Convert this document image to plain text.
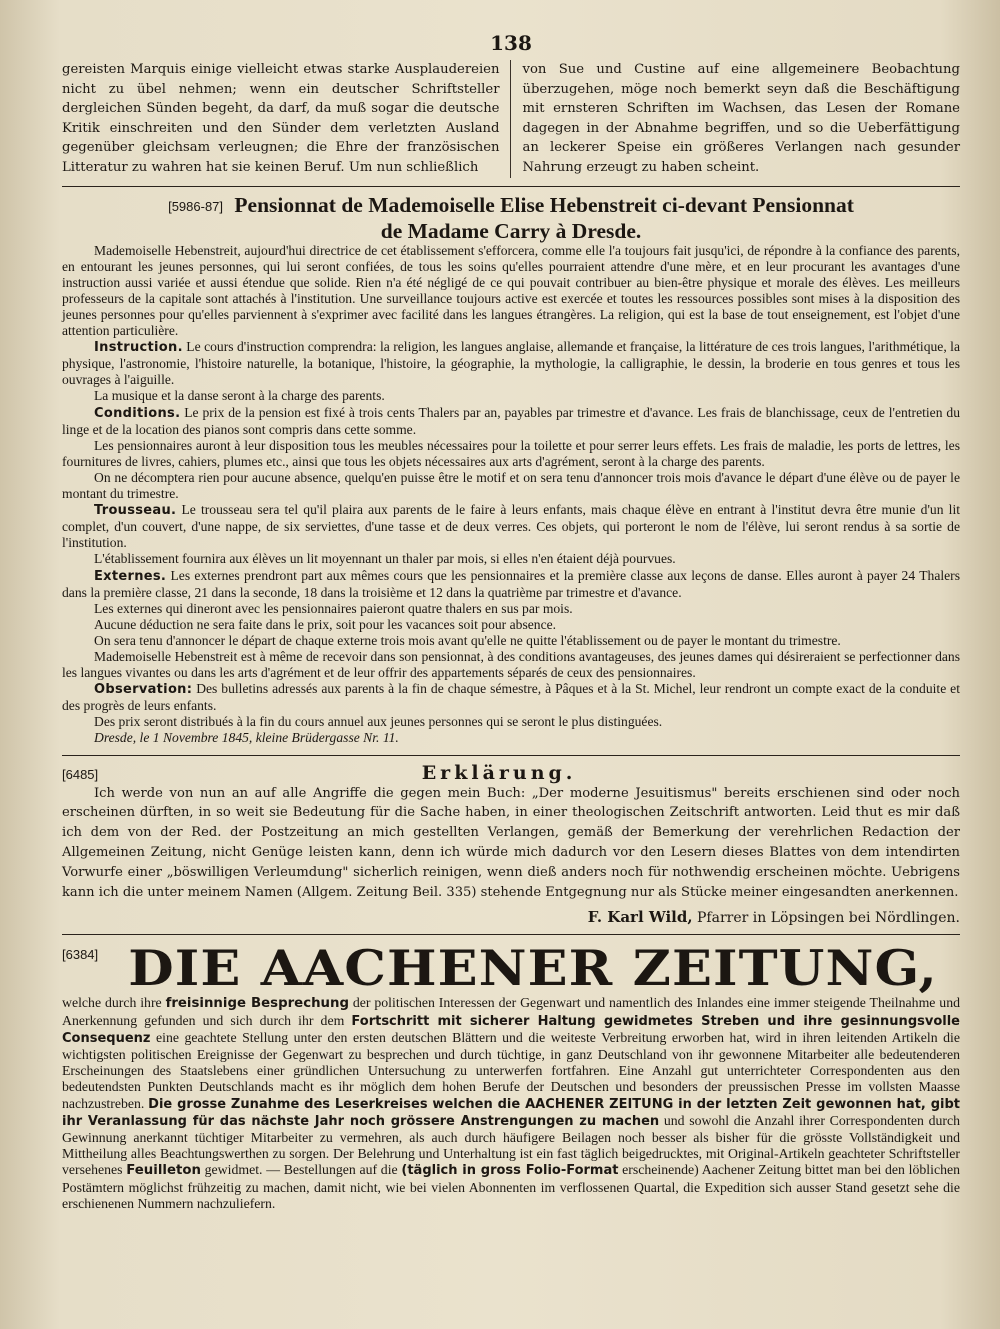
138
gereisten Marquis einige vielleicht etwas starke Ausplaudereien nicht zu übel nehmen; wenn ein deutscher Schriftsteller dergleichen Sünden begeht, da darf, da muß sogar die deutsche Kritik einschreiten und den Sünder dem verletzten Ausland gegenüber gleichsam verleugnen; die Ehre der französischen Litteratur zu wahren hat sie keinen Beruf. Um nun schließlich
von Sue und Custine auf eine allgemeinere Beobachtung überzugehen, möge noch bemerkt seyn daß die Beschäftigung mit ernsteren Schriften im Wachsen, das Lesen der Romane dagegen in der Abnahme begriffen, und so die Ueberfättigung an leckerer Speise ein größeres Verlangen nach gesunder Nahrung erzeugt zu haben scheint.
[5986-87] Pensionnat de Mademoiselle Elise Hebenstreit ci-devant Pensionnat
de Madame Carry à Dresde.

Mademoiselle Hebenstreit, aujourd'hui directrice de cet établissement s'efforcera, comme elle l'a toujours fait jusqu'ici, de répondre à la confiance des parents, en entourant les jeunes personnes, qui lui seront confiées, de tous les soins qu'elles pourraient attendre d'une mère, et en leur procurant les avantages d'une instruction aussi variée et aussi étendue que solide. Rien n'a été négligé de ce qui pouvait contribuer au bien-être physique et morale des élèves. Les meilleurs professeurs de la capitale sont attachés à l'institution. Une surveillance toujours active est exercée et toutes les ressources possibles sont mises à la disposition des jeunes personnes pour qu'elles parviennent à s'exprimer avec facilité dans les langues étrangères. La religion, qui est la base de tout enseignement, est l'objet d'une attention particulière.

Instruction. Le cours d'instruction comprendra: la religion, les langues anglaise, allemande et française, la littérature de ces trois langues, l'arithmétique, la physique, l'astronomie, l'histoire naturelle, la botanique, l'histoire, la géographie, la mythologie, la calligraphie, le dessin, la broderie en tous genres et tous les ouvrages à l'aiguille.

La musique et la danse seront à la charge des parents.

Conditions. Le prix de la pension est fixé à trois cents Thalers par an, payables par trimestre et d'avance. Les frais de blanchissage, ceux de l'entretien du linge et de la location des pianos sont compris dans cette somme.

Les pensionnaires auront à leur disposition tous les meubles nécessaires pour la toilette et pour serrer leurs effets. Les frais de maladie, les ports de lettres, les fournitures de livres, cahiers, plumes etc., ainsi que tous les objets nécessaires aux arts d'agrément, seront à la charge des parents.

On ne décomptera rien pour aucune absence, quelqu'en puisse être le motif et on sera tenu d'annoncer trois mois d'avance le départ d'une élève ou de payer le montant du trimestre.

Trousseau. Le trousseau sera tel qu'il plaira aux parents de le faire à leurs enfants, mais chaque élève en entrant à l'institut devra être munie d'un lit complet, d'un couvert, d'une nappe, de six serviettes, d'une tasse et de deux verres. Ces objets, qui porteront le nom de l'élève, lui seront rendus à sa sortie de l'institution.

L'établissement fournira aux élèves un lit moyennant un thaler par mois, si elles n'en étaient déjà pourvues.

Externes. Les externes prendront part aux mêmes cours que les pensionnaires et la première classe aux leçons de danse. Elles auront à payer 24 Thalers dans la première classe, 21 dans la seconde, 18 dans la troisième et 12 dans la quatrième par trimestre et d'avance.

Les externes qui dineront avec les pensionnaires paieront quatre thalers en sus par mois.

Aucune déduction ne sera faite dans le prix, soit pour les vacances soit pour absence.

On sera tenu d'annoncer le départ de chaque externe trois mois avant qu'elle ne quitte l'établissement ou de payer le montant du trimestre.

Mademoiselle Hebenstreit est à même de recevoir dans son pensionnat, à des conditions avantageuses, des jeunes dames qui désireraient se perfectionner dans les langues vivantes ou dans les arts d'agrément et de leur offrir des appartements séparés de ceux des pensionnaires.

Observation: Des bulletins adressés aux parents à la fin de chaque sémestre, à Pâques et à la St. Michel, leur rendront un compte exact de la conduite et des progrès de leurs enfants.

Des prix seront distribués à la fin du cours annuel aux jeunes personnes qui se seront le plus distinguées.

Dresde, le 1 Novembre 1845, kleine Brüdergasse Nr. 11.

[6485]	Erklärung.

Ich werde von nun an auf alle Angriffe die gegen mein Buch: „Der moderne Jesuitismus" bereits erschienen sind oder noch erscheinen dürften, in so weit sie Bedeutung für die Sache haben, in einer theologischen Zeitschrift antworten. Leid thut es mir daß ich dem von der Red. der Postzeitung an mich gestellten Verlangen, gemäß der Bemerkung der verehrlichen Redaction der Allgemeinen Zeitung, nicht Genüge leisten kann, denn ich würde mich dadurch vor den Lesern dieses Blattes von dem intendirten Vorwurfe einer „böswilligen Verleumdung" sicherlich reinigen, wenn dieß anders noch für nothwendig erscheinen möchte. Uebrigens kann ich die unter meinem Namen (Allgem. Zeitung Beil. 335) stehende Entgegnung nur als Stücke meiner eingesandten anerkennen.

F. Karl Wild, Pfarrer in Löpsingen bei Nördlingen.
[6384] DIE AACHENER ZEITUNG,

welche durch ihre freisinnige Besprechung der politischen Interessen der Gegenwart und namentlich des Inlandes eine immer steigende Theilnahme und Anerkennung gefunden und sich durch ihr dem Fortschritt mit sicherer Haltung gewidmetes Streben und ihre gesinnungsvolle Consequenz eine geachtete Stellung unter den ersten deutschen Blättern und die weiteste Verbreitung erworben hat, wird in ihren leitenden Artikeln die wichtigsten politischen Ereignisse der Gegenwart zu besprechen und durch tüchtige, in ganz Deutschland von ihr gewonnene Mitarbeiter alle bedeutenderen Erscheinungen des Staatslebens einer gründlichen Untersuchung zu unterwerfen fortfahren. Eine Anzahl gut unterrichteter Correspondenten aus den bedeutendsten Punkten Deutschlands macht es ihr möglich dem hohen Berufe der Deutschen und besonders der preussischen Presse im vollsten Maasse nachzustreben. Die grosse Zunahme des Leserkreises welchen die AACHENER ZEITUNG in der letzten Zeit gewonnen hat, gibt ihr Veranlassung für das nächste Jahr noch grössere Anstrengungen zu machen und sowohl die Anzahl ihrer Correspondenten durch Gewinnung anerkannt tüchtiger Mitarbeiter zu vermehren, als auch durch häufigere Beilagen noch besser als bisher für die grösste Vollständigkeit und Mittheilung alles Beachtungswerthen zu sorgen. Der Belehrung und Unterhaltung ist ein fast täglich beigedrucktes, mit Original-Artikeln geachteter Schriftsteller versehenes Feuilleton gewidmet. — Bestellungen auf die (täglich in gross Folio-Format erscheinende) Aachener Zeitung bittet man bei den löblichen Postämtern möglichst frühzeitig zu machen, damit nicht, wie bei vielen Abonnenten im verflossenen Quartal, die Expedition sich ausser Stand gesetzt sehe die erschienenen Nummern nachzuliefern.
